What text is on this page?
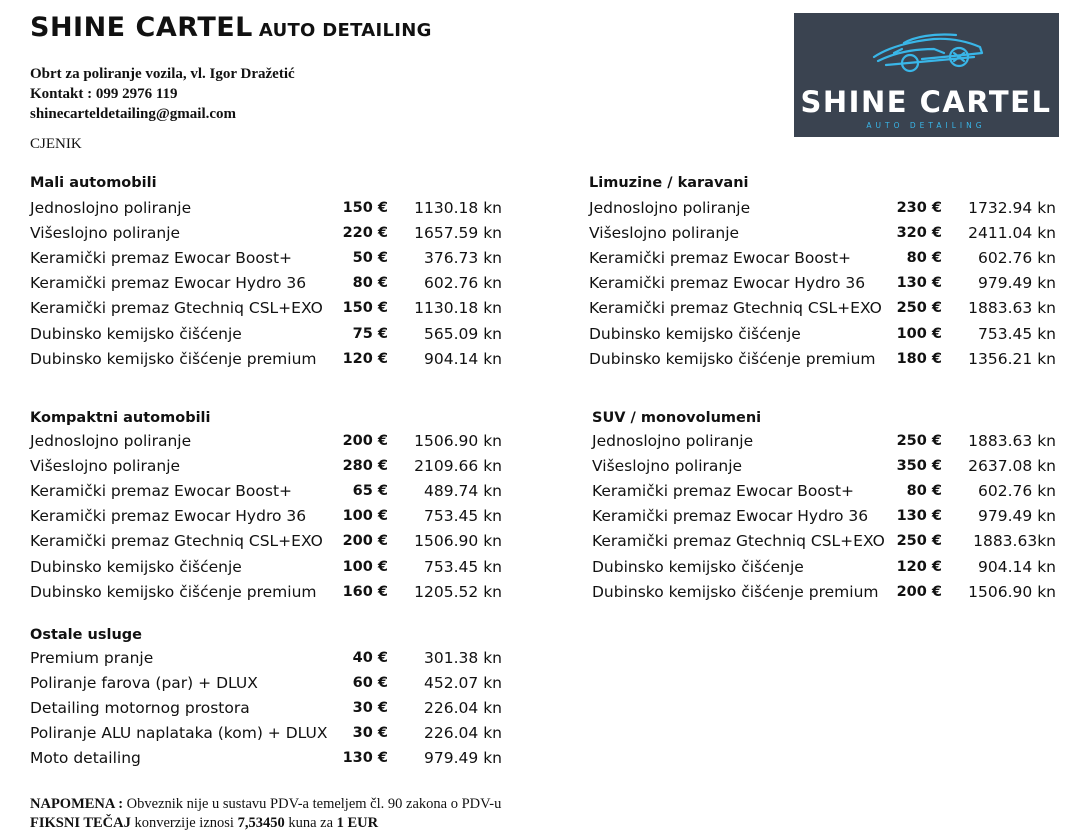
SHINE CARTEL AUTO DETAILING
Obrt za poliranje vozila, vl. Igor Dražetić
Kontakt : 099 2976 119
shinecarteldetailing@gmail.com
CJENIK
SHINE CARTEL
AUTO DETAILING
Mali automobili
Jednoslojno poliranje	150 €	1130.18 kn
Višeslojno poliranje	220 €	1657.59 kn
Keramički premaz Ewocar Boost+	50 €	376.73 kn
Keramički premaz Ewocar Hydro 36	80 €	602.76 kn
Keramički premaz Gtechniq CSL+EXO	150 €	1130.18 kn
Dubinsko kemijsko čišćenje	75 €	565.09 kn
Dubinsko kemijsko čišćenje premium	120 €	904.14 kn
Limuzine / karavani
Jednoslojno poliranje	230 €	1732.94 kn
Višeslojno poliranje	320 €	2411.04 kn
Keramički premaz Ewocar Boost+	80 €	602.76 kn
Keramički premaz Ewocar Hydro 36	130 €	979.49 kn
Keramički premaz Gtechniq CSL+EXO	250 €	1883.63 kn
Dubinsko kemijsko čišćenje	100 €	753.45 kn
Dubinsko kemijsko čišćenje premium	180 €	1356.21 kn
Kompaktni automobili
Jednoslojno poliranje	200 €	1506.90 kn
Višeslojno poliranje	280 €	2109.66 kn
Keramički premaz Ewocar Boost+	65 €	489.74 kn
Keramički premaz Ewocar Hydro 36	100 €	753.45 kn
Keramički premaz Gtechniq CSL+EXO	200 €	1506.90 kn
Dubinsko kemijsko čišćenje	100 €	753.45 kn
Dubinsko kemijsko čišćenje premium	160 €	1205.52 kn
SUV / monovolumeni
Jednoslojno poliranje	250 €	1883.63 kn
Višeslojno poliranje	350 €	2637.08 kn
Keramički premaz Ewocar Boost+	80 €	602.76 kn
Keramički premaz Ewocar Hydro 36	130 €	979.49 kn
Keramički premaz Gtechniq CSL+EXO	250 €	1883.63kn
Dubinsko kemijsko čišćenje	120 €	904.14 kn
Dubinsko kemijsko čišćenje premium	200 €	1506.90 kn
Ostale usluge
Premium pranje	40 €	301.38 kn
Poliranje farova (par) + DLUX	60 €	452.07 kn
Detailing motornog prostora	30 €	226.04 kn
Poliranje ALU naplataka (kom) + DLUX	30 €	226.04 kn
Moto detailing	130 €	979.49 kn
NAPOMENA : Obveznik nije u sustavu PDV-a temeljem čl. 90 zakona o PDV-u
FIKSNI TEČAJ konverzije iznosi 7,53450 kuna za 1 EUR
